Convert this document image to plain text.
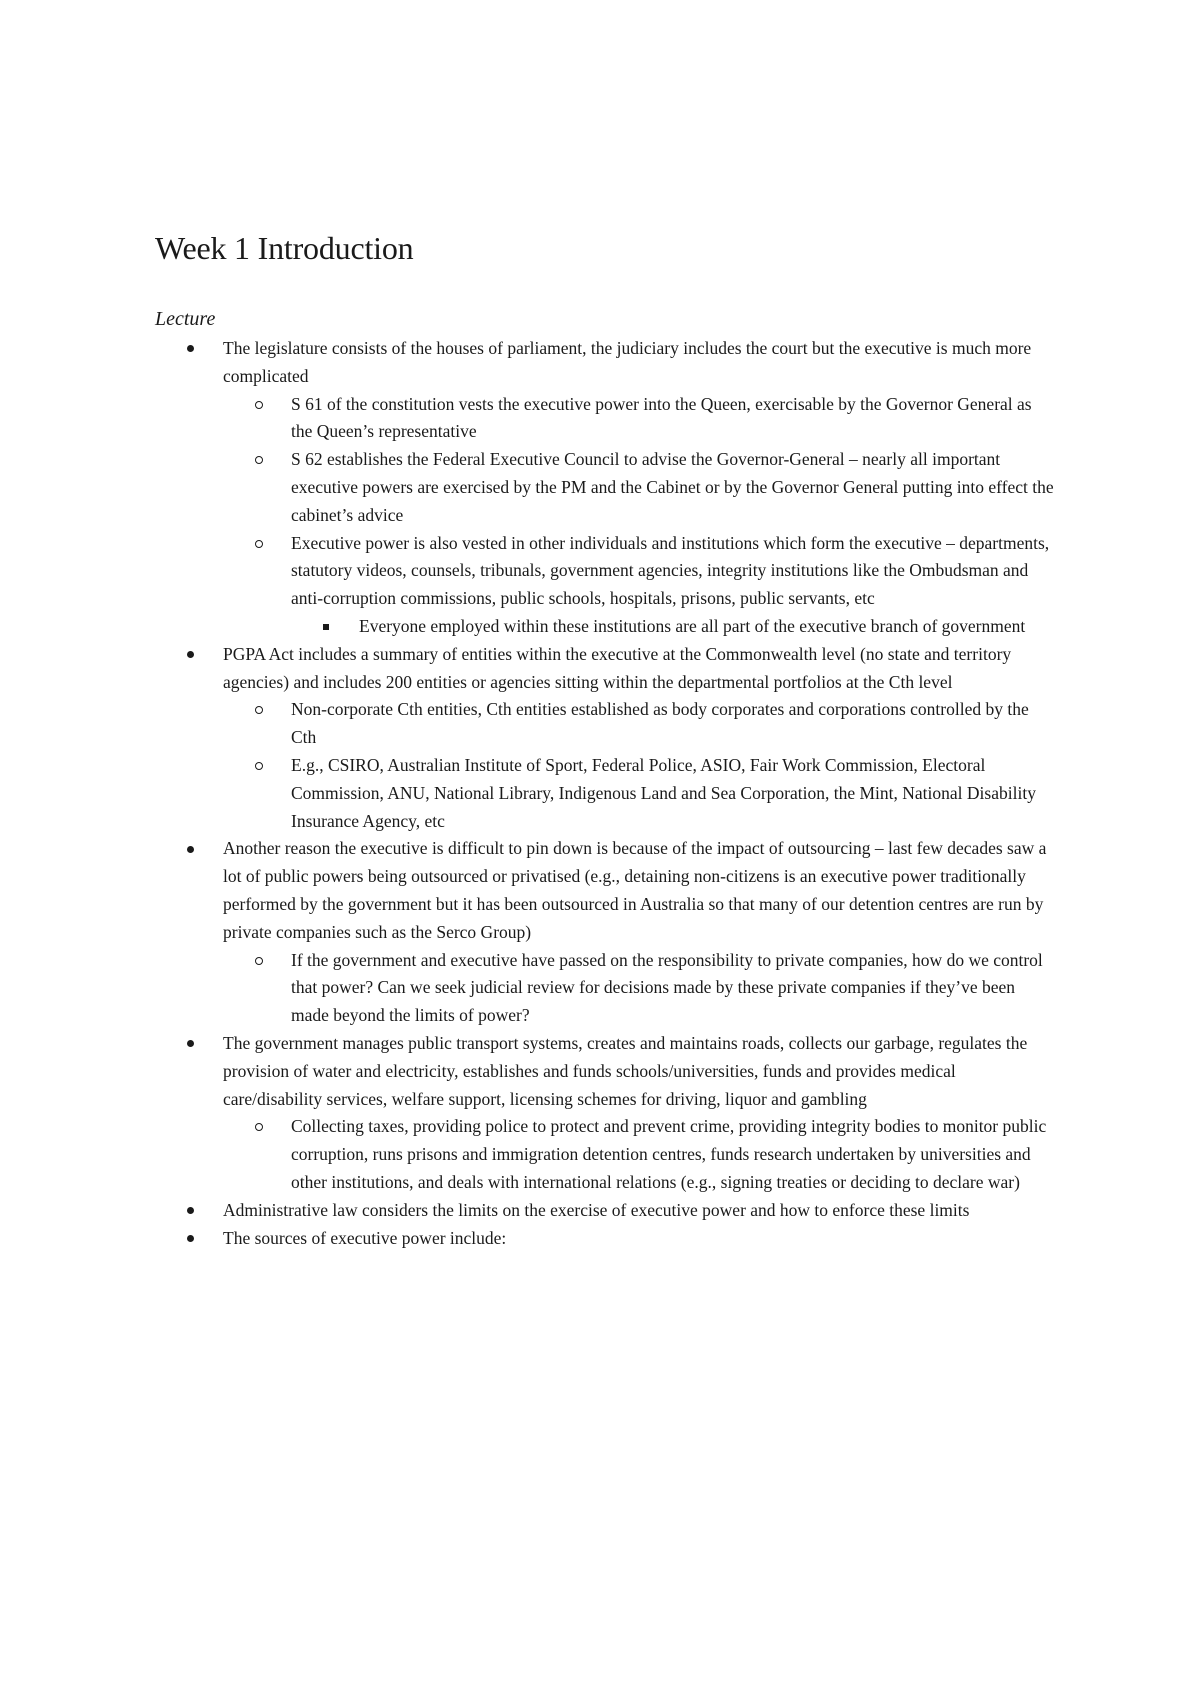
Week 1 Introduction
Lecture
The legislature consists of the houses of parliament, the judiciary includes the court but the executive is much more complicated
S 61 of the constitution vests the executive power into the Queen, exercisable by the Governor General as the Queen’s representative
S 62 establishes the Federal Executive Council to advise the Governor-General – nearly all important executive powers are exercised by the PM and the Cabinet or by the Governor General putting into effect the cabinet’s advice
Executive power is also vested in other individuals and institutions which form the executive – departments, statutory videos, counsels, tribunals, government agencies, integrity institutions like the Ombudsman and anti-corruption commissions, public schools, hospitals, prisons, public servants, etc
Everyone employed within these institutions are all part of the executive branch of government
PGPA Act includes a summary of entities within the executive at the Commonwealth level (no state and territory agencies) and includes 200 entities or agencies sitting within the departmental portfolios at the Cth level
Non-corporate Cth entities, Cth entities established as body corporates and corporations controlled by the Cth
E.g., CSIRO, Australian Institute of Sport, Federal Police, ASIO, Fair Work Commission, Electoral Commission, ANU, National Library, Indigenous Land and Sea Corporation, the Mint, National Disability Insurance Agency, etc
Another reason the executive is difficult to pin down is because of the impact of outsourcing – last few decades saw a lot of public powers being outsourced or privatised (e.g., detaining non-citizens is an executive power traditionally performed by the government but it has been outsourced in Australia so that many of our detention centres are run by private companies such as the Serco Group)
If the government and executive have passed on the responsibility to private companies, how do we control that power? Can we seek judicial review for decisions made by these private companies if they’ve been made beyond the limits of power?
The government manages public transport systems, creates and maintains roads, collects our garbage, regulates the provision of water and electricity, establishes and funds schools/universities, funds and provides medical care/disability services, welfare support, licensing schemes for driving, liquor and gambling
Collecting taxes, providing police to protect and prevent crime, providing integrity bodies to monitor public corruption, runs prisons and immigration detention centres, funds research undertaken by universities and other institutions, and deals with international relations (e.g., signing treaties or deciding to declare war)
Administrative law considers the limits on the exercise of executive power and how to enforce these limits
The sources of executive power include:
